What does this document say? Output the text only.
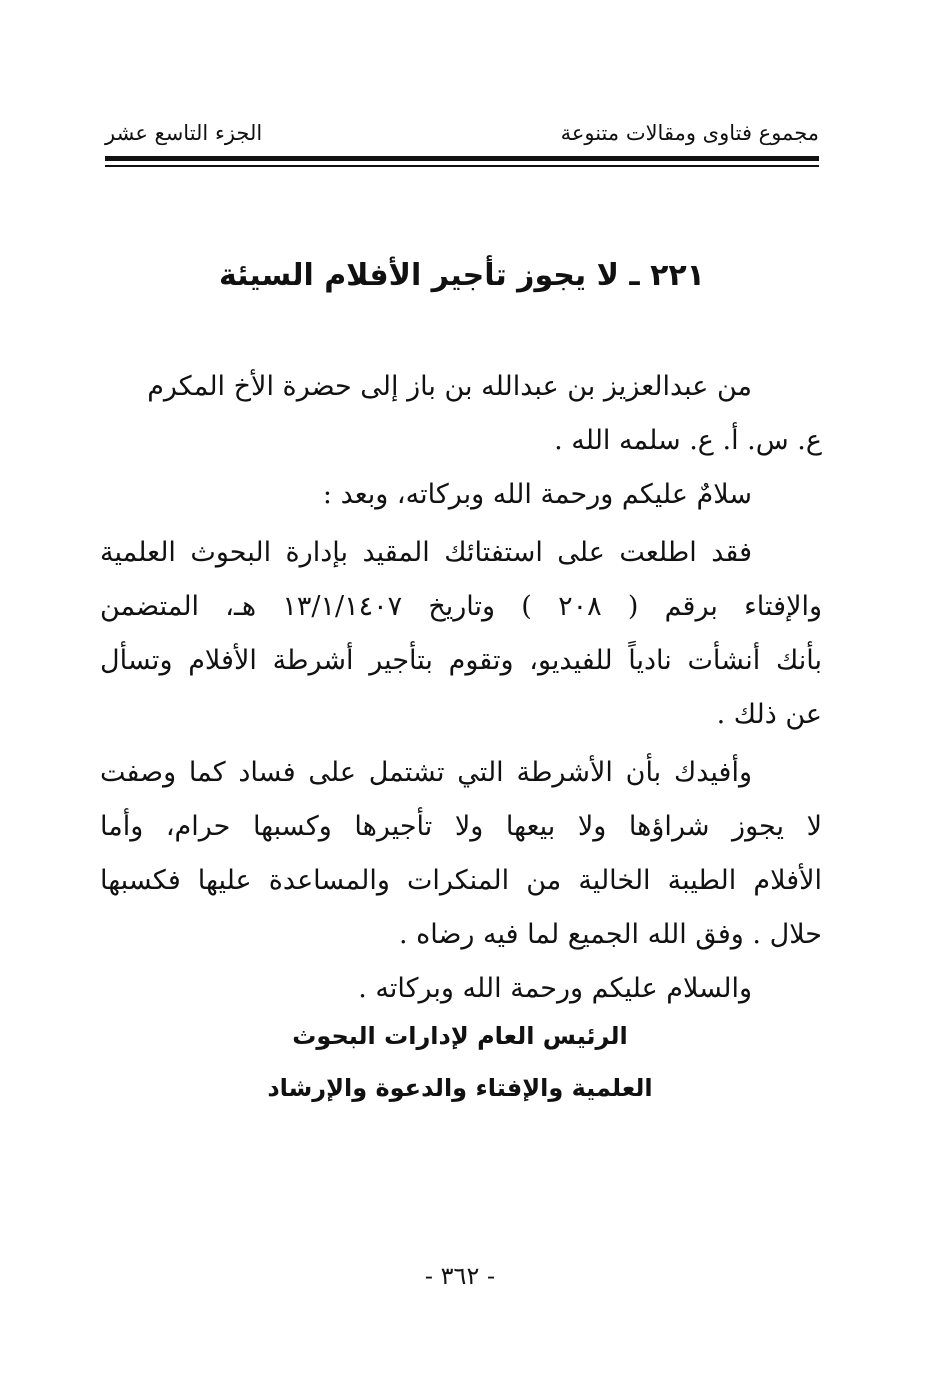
مجموع فتاوى ومقالات متنوعة
الجزء التاسع عشر
٢٢١ ـ لا يجوز تأجير الأفلام السيئة
من عبدالعزيز بن عبدالله بن باز إلى حضرة الأخ المكرم
ع. س. أ. ع. سلمه الله .
سلامٌ عليكم ورحمة الله وبركاته، وبعد :
فقد اطلعت على استفتائك المقيد بإدارة البحوث العلمية
والإفتاء برقم ( ٢٠٨ ) وتاريخ ١٣/١/١٤٠٧ هـ، المتضمن
بأنك أنشأت نادياً للفيديو، وتقوم بتأجير أشرطة الأفلام وتسأل
عن ذلك .
وأفيدك بأن الأشرطة التي تشتمل على فساد كما وصفت
لا يجوز شراؤها ولا بيعها ولا تأجيرها وكسبها حرام، وأما
الأفلام الطيبة الخالية من المنكرات والمساعدة عليها فكسبها
حلال . وفق الله الجميع لما فيه رضاه .
والسلام عليكم ورحمة الله وبركاته .
الرئيس العام لإدارات البحوث
العلمية والإفتاء والدعوة والإرشاد
- ٣٦٢ -
